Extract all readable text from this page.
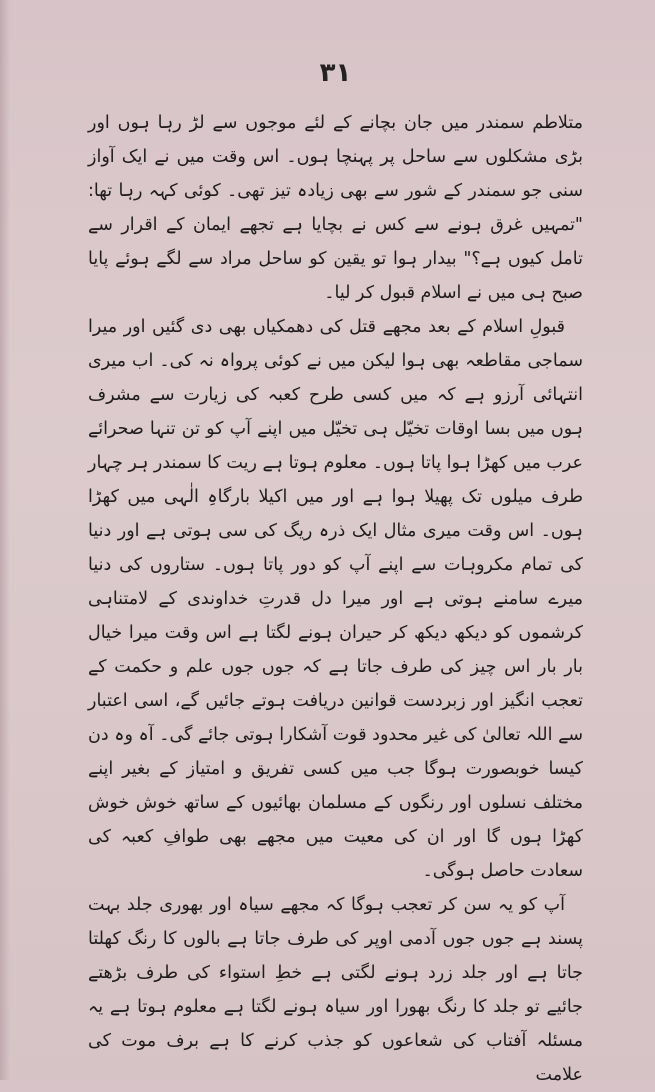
۳۱

متلاطم سمندر میں جان بچانے کے لئے موجوں سے لڑ رہا ہوں اور بڑی مشکلوں سے ساحل پر پہنچا ہوں۔ اس وقت میں نے ایک آواز سنی جو سمندر کے شور سے بھی زیادہ تیز تھی۔ کوئی کہہ رہا تھا: "تمہیں غرق ہونے سے کس نے بچایا ہے تجھے ایمان کے اقرار سے تامل کیوں ہے؟" بیدار ہوا تو یقین کو ساحل مراد سے لگے ہوئے پایا صبح ہی میں نے اسلام قبول کر لیا۔

قبولِ اسلام کے بعد مجھے قتل کی دھمکیاں بھی دی گئیں اور میرا سماجی مقاطعہ بھی ہوا لیکن میں نے کوئی پرواہ نہ کی۔ اب میری انتہائی آرزو ہے کہ میں کسی طرح کعبہ کی زیارت سے مشرف ہوں میں بسا اوقات تخیّل ہی تخیّل میں اپنے آپ کو تن تنہا صحرائے عرب میں کھڑا ہوا پاتا ہوں۔ معلوم ہوتا ہے ریت کا سمندر ہر چہار طرف میلوں تک پھیلا ہوا ہے اور میں اکیلا بارگاہِ الٰہی میں کھڑا ہوں۔ اس وقت میری مثال ایک ذرہ ریگ کی سی ہوتی ہے اور دنیا کی تمام مکروہات سے اپنے آپ کو دور پاتا ہوں۔ ستاروں کی دنیا میرے سامنے ہوتی ہے اور میرا دل قدرتِ خداوندی کے لامتناہی کرشموں کو دیکھ دیکھ کر حیران ہونے لگتا ہے اس وقت میرا خیال بار بار اس چیز کی طرف جاتا ہے کہ جوں جوں علم و حکمت کے تعجب انگیز اور زبردست قوانین دریافت ہوتے جائیں گے، اسی اعتبار سے اللہ تعالیٰ کی غیر محدود قوت آشکارا ہوتی جائے گی۔ آہ وہ دن کیسا خوبصورت ہوگا جب میں کسی تفریق و امتیاز کے بغیر اپنے مختلف نسلوں اور رنگوں کے مسلمان بھائیوں کے ساتھ خوش خوش کھڑا ہوں گا اور ان کی معیت میں مجھے بھی طوافِ کعبہ کی سعادت حاصل ہوگی۔

آپ کو یہ سن کر تعجب ہوگا کہ مجھے سیاہ اور بھوری جلد بہت پسند ہے جوں جوں آدمی اوپر کی طرف جاتا ہے بالوں کا رنگ کھلتا جاتا ہے اور جلد زرد ہونے لگتی ہے خطِ استواء کی طرف بڑھتے جائیے تو جلد کا رنگ بھورا اور سیاہ ہونے لگتا ہے معلوم ہوتا ہے یہ مسئلہ آفتاب کی شعاعوں کو جذب کرنے کا ہے برف موت کی علامت
